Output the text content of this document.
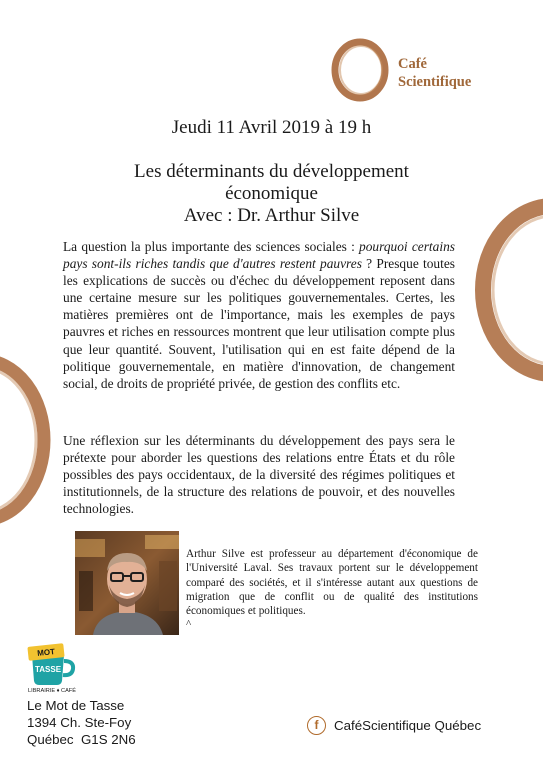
Café
Scientifique
Jeudi 11 Avril 2019 à 19 h
Les déterminants du développement
économique
Avec : Dr. Arthur Silve

La question la plus importante des sciences sociales : pourquoi certains pays sont-ils riches tandis que d'autres restent pauvres ? Presque toutes les explications de succès ou d'échec du développement reposent dans une certaine mesure sur les politiques gouvernementales. Certes, les matières premières ont de l'importance, mais les exemples de pays pauvres et riches en ressources montrent que leur utilisation compte plus que leur quantité. Souvent, l'utilisation qui en est faite dépend de la politique gouvernementale, en matière d'innovation, de changement social, de droits de propriété privée, de gestion des conflits etc.

Une réflexion sur les déterminants du développement des pays sera le prétexte pour aborder les questions des relations entre États et du rôle possibles des pays occidentaux, de la diversité des régimes politiques et institutionnels, de la structure des relations de pouvoir, et des nouvelles technologies.

Arthur Silve est professeur au département d'économique de l'Université Laval. Ses travaux portent sur le développement comparé des sociétés, et il s'intéresse autant aux questions de migration que de conflit ou de qualité des institutions économiques et politiques.

^
MOT
TASSE
LIBRAIRIE ♦ CAFÉ
Le Mot de Tasse
1394 Ch. Ste-Foy
Québec  G1S 2N6
f	CaféScientifique Québec
